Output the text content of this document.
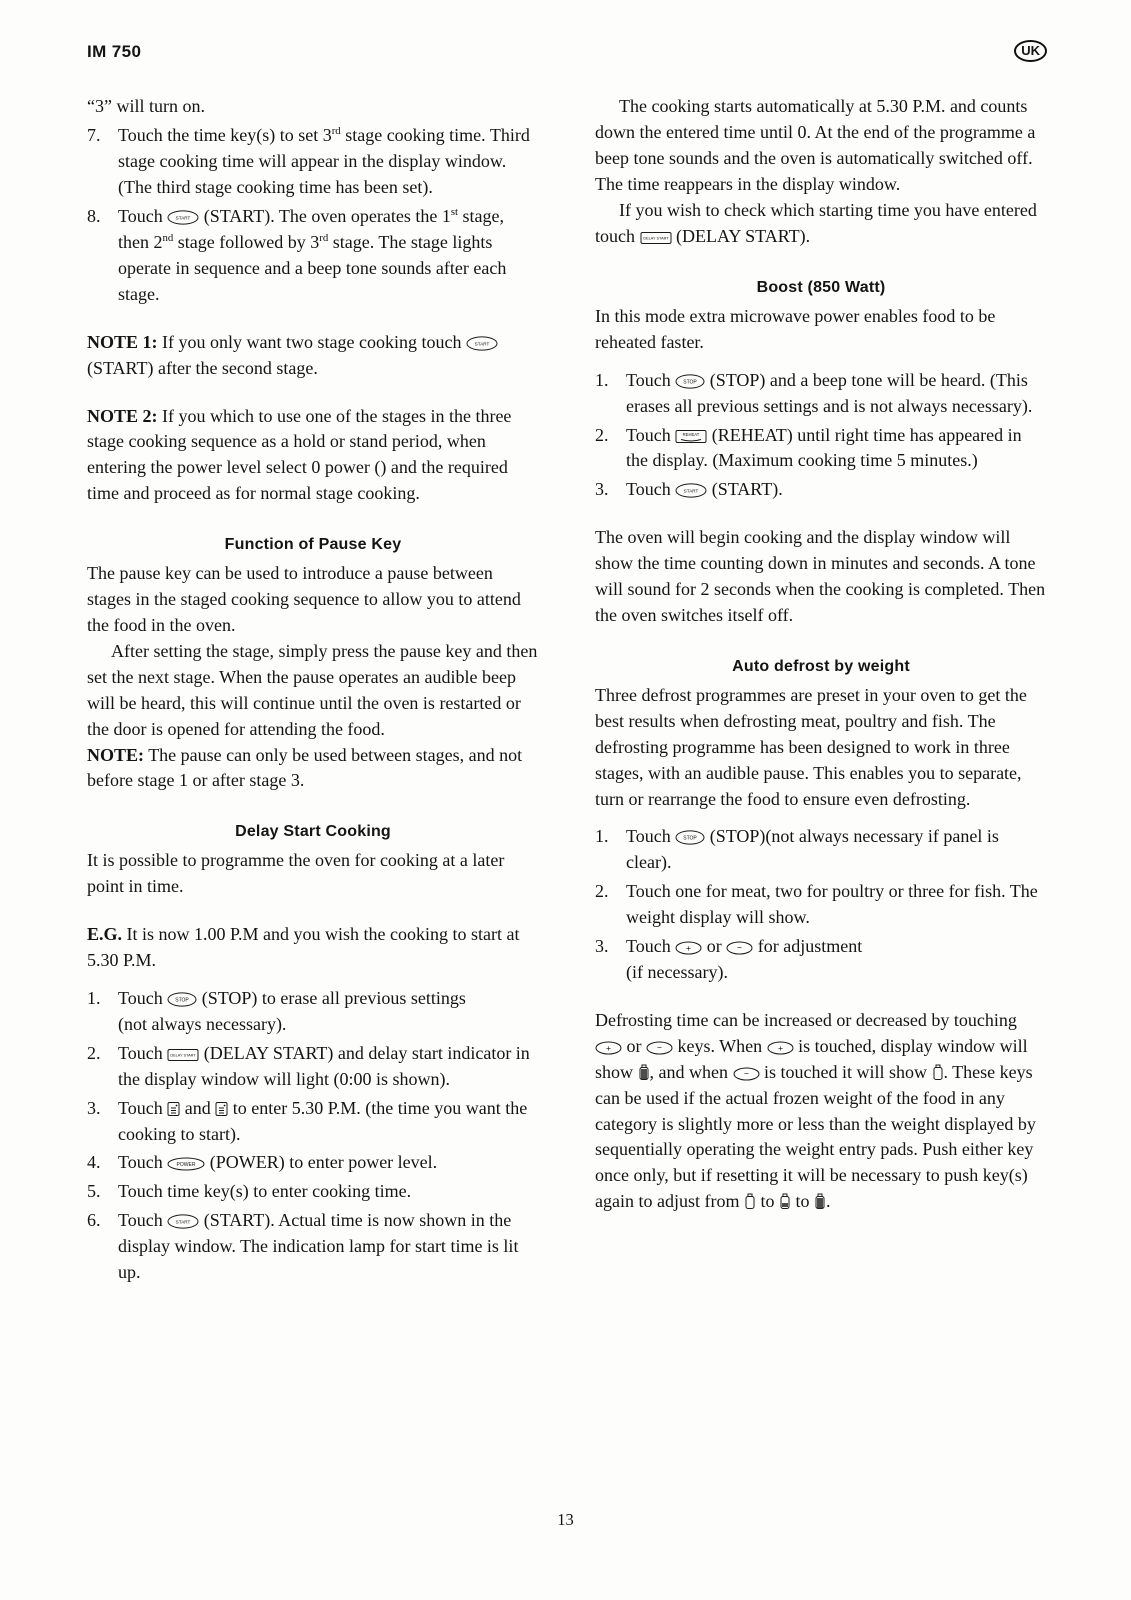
IM 750	UK

“3” will turn on.

7. Touch the time key(s) to set 3rd stage cooking time. Third stage cooking time will appear in the display window. (The third stage cooking time has been set).
8. Touch START (START). The oven operates the 1st stage, then 2nd stage followed by 3rd stage. The stage lights operate in sequence and a beep tone sounds after each stage.

NOTE 1: If you only want two stage cooking touch START
(START) after the second stage.

NOTE 2: If you which to use one of the stages in the three stage cooking sequence as a hold or stand period, when entering the power level select 0 power () and the required time and proceed as for normal stage cooking.

Function of Pause Key

The pause key can be used to introduce a pause between stages in the staged cooking sequence to allow you to attend the food in the oven.

After setting the stage, simply press the pause key and then set the next stage. When the pause operates an audible beep will be heard, this will continue until the oven is restarted or the door is opened for attending the food.

NOTE: The pause can only be used between stages, and not before stage 1 or after stage 3.

Delay Start Cooking

It is possible to programme the oven for cooking at a later point in time.

E.G. It is now 1.00 P.M and you wish the cooking to start at 5.30 P.M.

1. Touch STOP (STOP) to erase all previous settings
(not always necessary).
2. Touch DELAY START (DELAY START) and delay start indicator in the display window will light (0:00 is shown).
3. Touch  and  to enter 5.30 P.M. (the time you want the cooking to start).
4. Touch POWER (POWER) to enter power level.
5. Touch time key(s) to enter cooking time.
6. Touch START (START). Actual time is now shown in the display window. The indication lamp for start time is lit up.

The cooking starts automatically at 5.30 P.M. and counts down the entered time until 0. At the end of the programme a beep tone sounds and the oven is automatically switched off. The time reappears in the display window.

If you wish to check which starting time you have entered touch DELAY START (DELAY START).

Boost (850 Watt)

In this mode extra microwave power enables food to be reheated faster.

1. Touch STOP (STOP) and a beep tone will be heard. (This erases all previous settings and is not always necessary).
2. Touch REHEAT (REHEAT) until right time has appeared in the display. (Maximum cooking time 5 minutes.)
3. Touch START (START).

The oven will begin cooking and the display window will show the time counting down in minutes and seconds. A tone will sound for 2 seconds when the cooking is completed. Then the oven switches itself off.

Auto defrost by weight

Three defrost programmes are preset in your oven to get the best results when defrosting meat, poultry and fish. The defrosting programme has been designed to work in three stages, with an audible pause. This enables you to separate, turn or rearrange the food to ensure even defrosting.

1. Touch STOP (STOP)(not always necessary if panel is clear).
2. Touch one for meat, two for poultry or three for fish. The weight display will show.
3. Touch + or − for adjustment
(if necessary).

Defrosting time can be increased or decreased by touching
+ or − keys. When + is touched, display window will show , and when − is touched it will show . These keys can be used if the actual frozen weight of the food in any category is slightly more or less than the weight displayed by sequentially operating the weight entry pads. Push either key once only, but if resetting it will be necessary to push key(s) again to adjust from  to  to .

13
